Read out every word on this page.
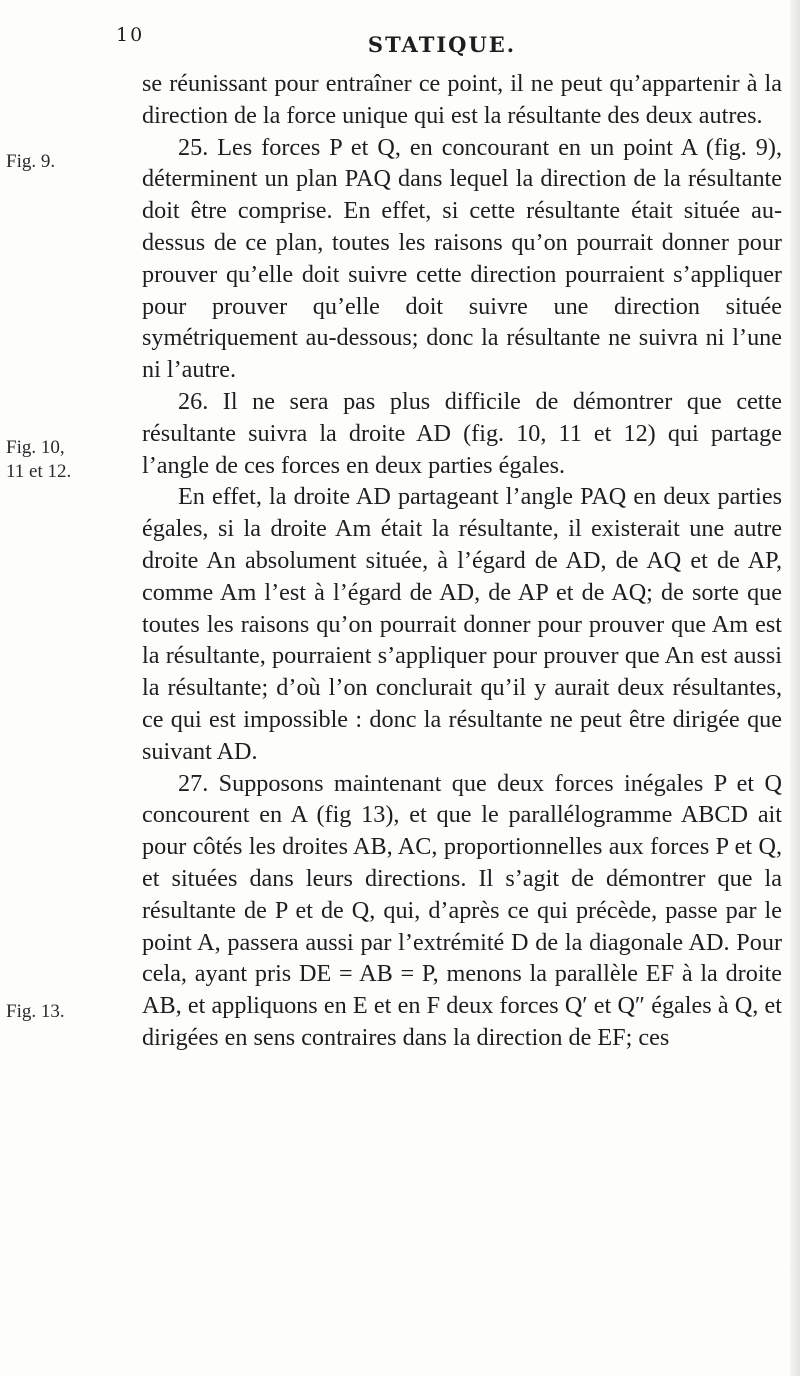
10	STATIQUE.
Fig. 9.
Fig. 10,
11 et 12.
Fig. 13.

se réunissant pour entraîner ce point, il ne peut qu’appartenir à la direction de la force unique qui est la résultante des deux autres.

25. Les forces P et Q, en concourant en un point A (fig. 9), déterminent un plan PAQ dans lequel la direction de la résultante doit être comprise. En effet, si cette résultante était située au-dessus de ce plan, toutes les raisons qu’on pourrait donner pour prouver qu’elle doit suivre cette direction pourraient s’appliquer pour prouver qu’elle doit suivre une direction située symétriquement au-dessous; donc la résultante ne suivra ni l’une ni l’autre.

26. Il ne sera pas plus difficile de démontrer que cette résultante suivra la droite AD (fig. 10, 11 et 12) qui partage l’angle de ces forces en deux parties égales.

En effet, la droite AD partageant l’angle PAQ en deux parties égales, si la droite Am était la résultante, il existerait une autre droite An absolument située, à l’égard de AD, de AQ et de AP, comme Am l’est à l’égard de AD, de AP et de AQ; de sorte que toutes les raisons qu’on pourrait donner pour prouver que Am est la résultante, pourraient s’appliquer pour prouver que An est aussi la résultante; d’où l’on conclurait qu’il y aurait deux résultantes, ce qui est impossible : donc la résultante ne peut être dirigée que suivant AD.

27. Supposons maintenant que deux forces inégales P et Q concourent en A (fig 13), et que le parallélogramme ABCD ait pour côtés les droites AB, AC, proportionnelles aux forces P et Q, et situées dans leurs directions. Il s’agit de démontrer que la résultante de P et de Q, qui, d’après ce qui précède, passe par le point A, passera aussi par l’extrémité D de la diagonale AD. Pour cela, ayant pris DE = AB = P, menons la parallèle EF à la droite AB, et appliquons en E et en F deux forces Q′ et Q″ égales à Q, et dirigées en sens contraires dans la direction de EF; ces
